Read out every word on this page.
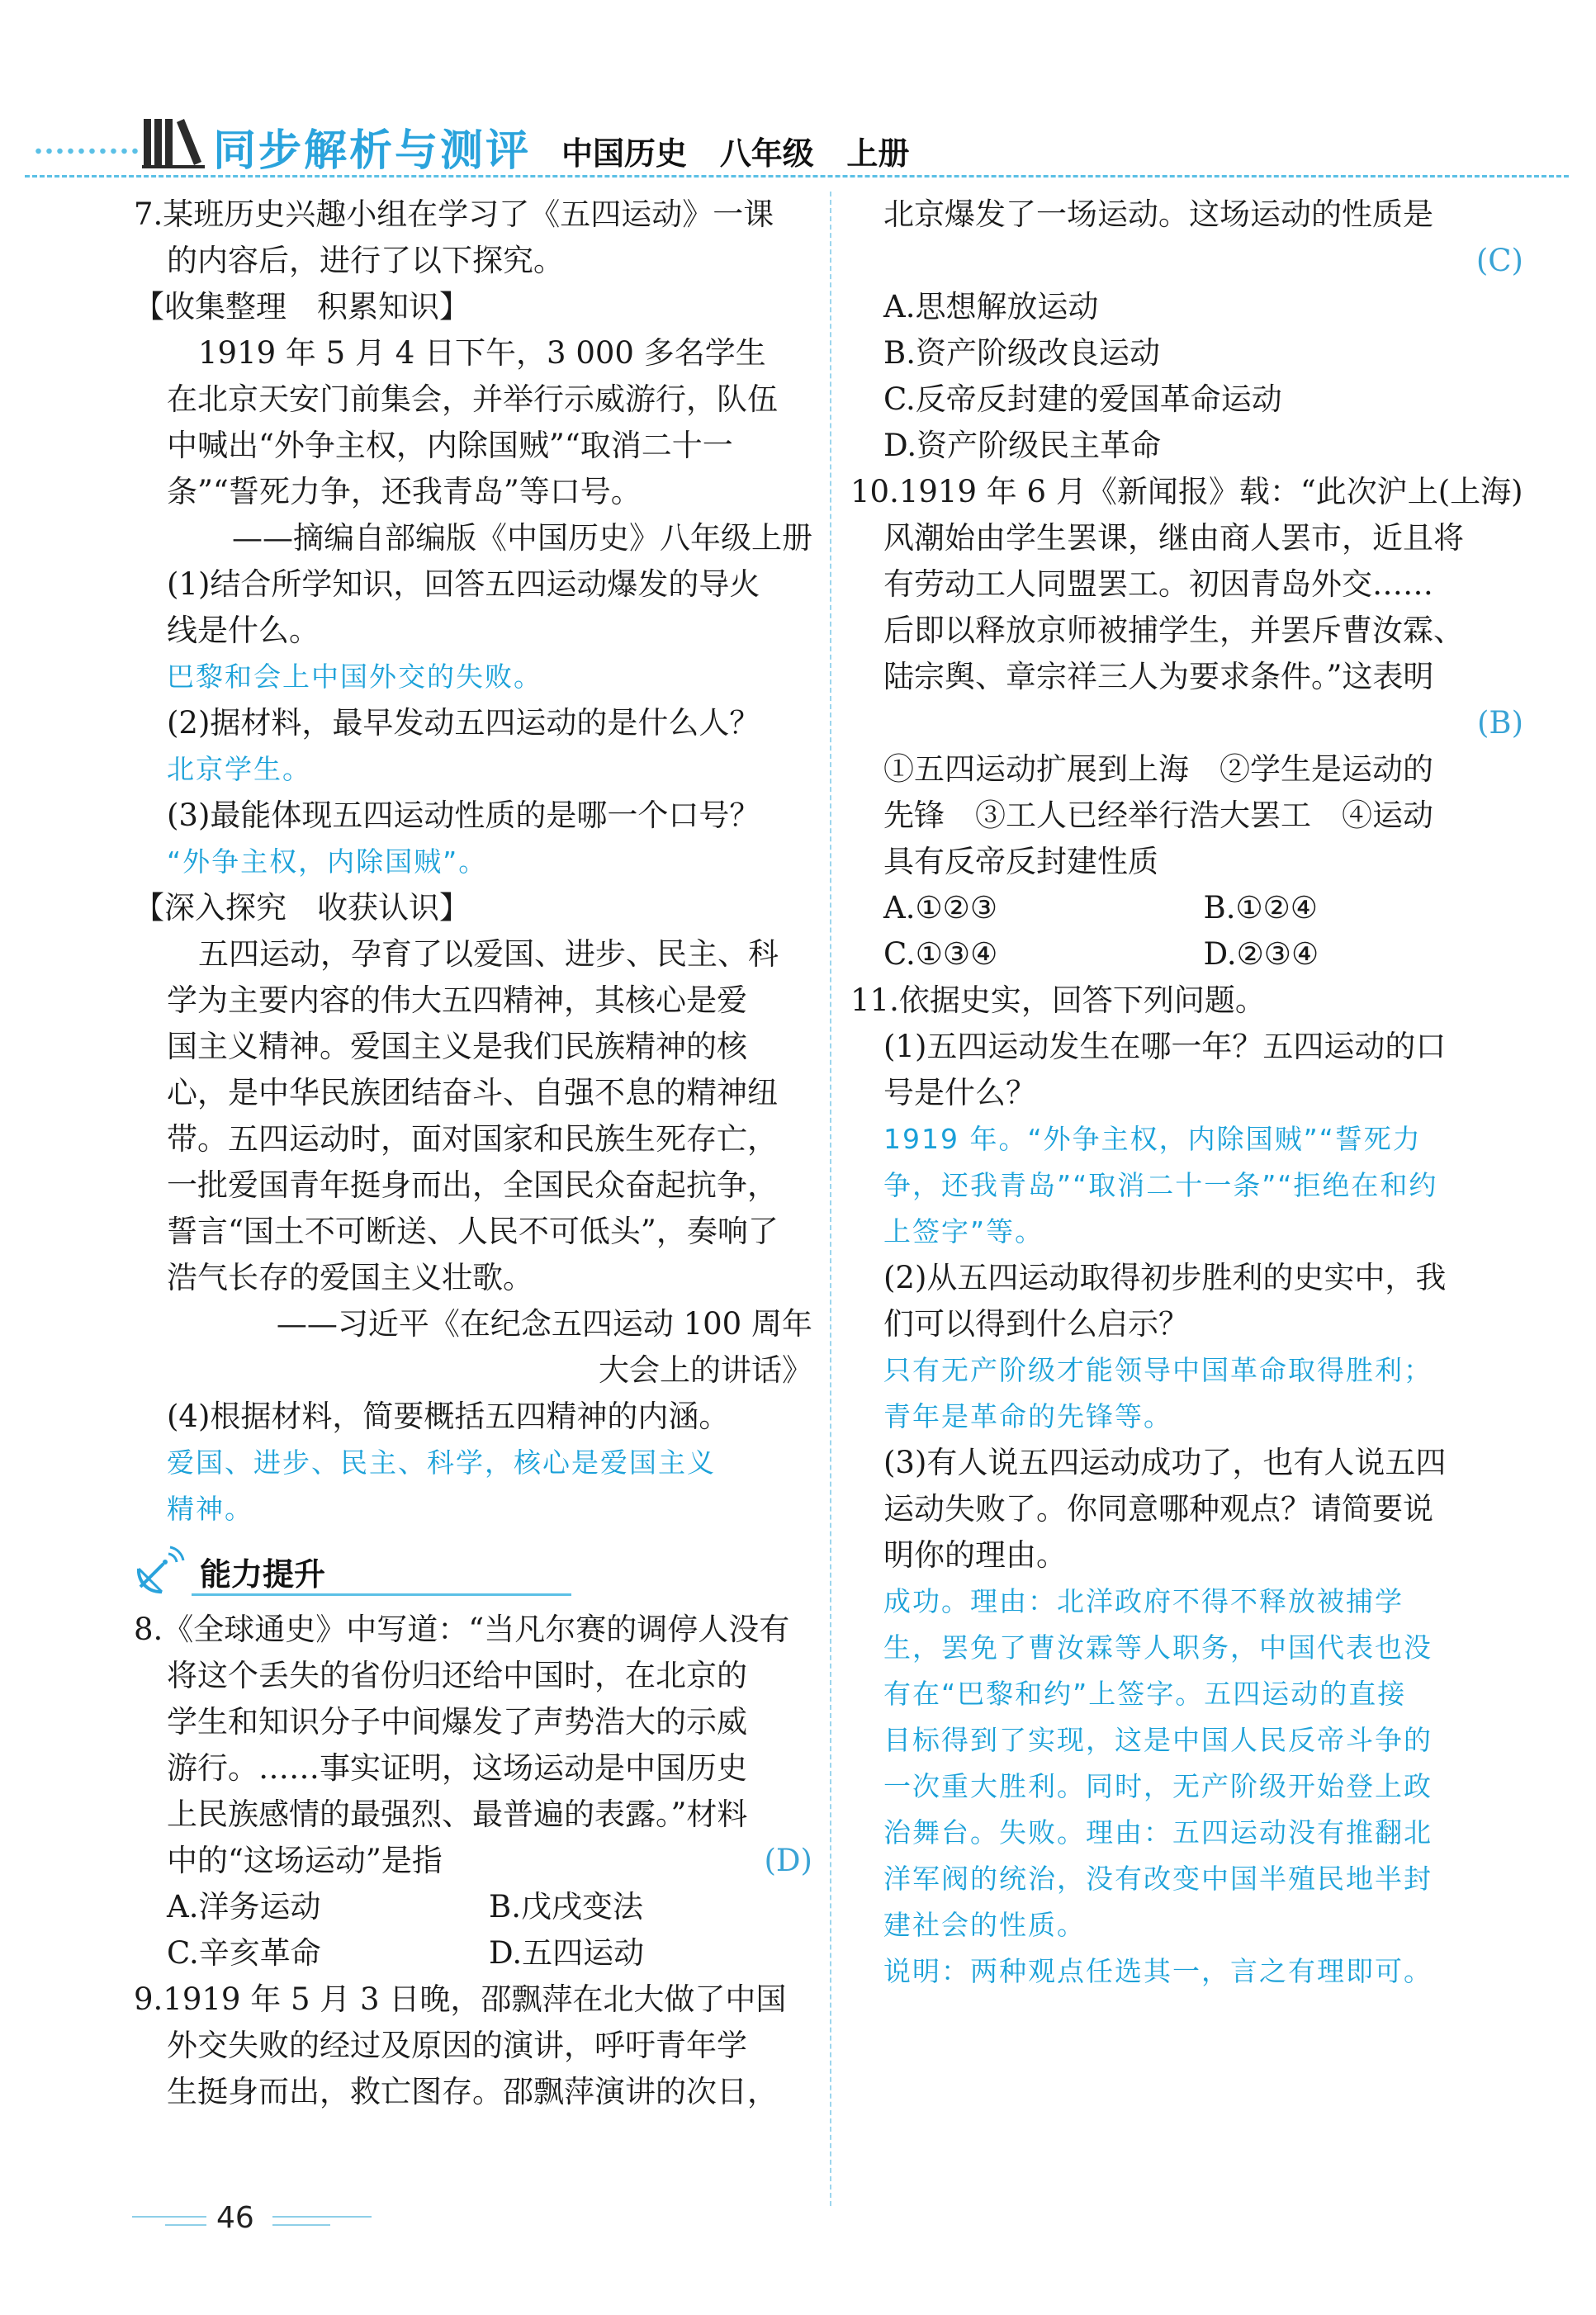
同步解析与测评 中国历史   八年级   上册
7.某班历史兴趣小组在学习了《五四运动》一课
的内容后，进行了以下探究。
【收集整理　积累知识】
1919 年 5 月 4 日下午，3 000 多名学生
在北京天安门前集会，并举行示威游行，队伍
中喊出“外争主权，内除国贼”“取消二十一
条”“誓死力争，还我青岛”等口号。
——摘编自部编版《中国历史》八年级上册
(1)结合所学知识，回答五四运动爆发的导火
线是什么。
巴黎和会上中国外交的失败。
(2)据材料，最早发动五四运动的是什么人？
北京学生。
(3)最能体现五四运动性质的是哪一个口号？
“外争主权，内除国贼”。
【深入探究　收获认识】
五四运动，孕育了以爱国、进步、民主、科
学为主要内容的伟大五四精神，其核心是爱
国主义精神。爱国主义是我们民族精神的核
心，是中华民族团结奋斗、自强不息的精神纽
带。五四运动时，面对国家和民族生死存亡，
一批爱国青年挺身而出，全国民众奋起抗争，
誓言“国土不可断送、人民不可低头”，奏响了
浩气长存的爱国主义壮歌。
——习近平《在纪念五四运动 100 周年
大会上的讲话》
(4)根据材料，简要概括五四精神的内涵。
爱国、进步、民主、科学，核心是爱国主义
精神。
能力提升
8.《全球通史》中写道：“当凡尔赛的调停人没有
将这个丢失的省份归还给中国时，在北京的
学生和知识分子中间爆发了声势浩大的示威
游行。……事实证明，这场运动是中国历史
上民族感情的最强烈、最普遍的表露。”材料
中的“这场运动”是指	(D)
A.洋务运动	B.戊戌变法
C.辛亥革命	D.五四运动
9.1919 年 5 月 3 日晚，邵飘萍在北大做了中国
外交失败的经过及原因的演讲，呼吁青年学
生挺身而出，救亡图存。邵飘萍演讲的次日，
北京爆发了一场运动。这场运动的性质是
(C)
A.思想解放运动
B.资产阶级改良运动
C.反帝反封建的爱国革命运动
D.资产阶级民主革命
10.1919 年 6 月《新闻报》载：“此次沪上(上海)
风潮始由学生罢课，继由商人罢市，近且将
有劳动工人同盟罢工。初因青岛外交……
后即以释放京师被捕学生，并罢斥曹汝霖、
陆宗舆、章宗祥三人为要求条件。”这表明
(B)
①五四运动扩展到上海　②学生是运动的
先锋　③工人已经举行浩大罢工　④运动
具有反帝反封建性质
A.①②③	B.①②④
C.①③④	D.②③④
11.依据史实，回答下列问题。
(1)五四运动发生在哪一年？五四运动的口
号是什么？
1919 年。“外争主权，内除国贼”“誓死力
争，还我青岛”“取消二十一条”“拒绝在和约
上签字”等。
(2)从五四运动取得初步胜利的史实中，我
们可以得到什么启示？
只有无产阶级才能领导中国革命取得胜利；
青年是革命的先锋等。
(3)有人说五四运动成功了，也有人说五四
运动失败了。你同意哪种观点？请简要说
明你的理由。
成功。理由：北洋政府不得不释放被捕学
生，罢免了曹汝霖等人职务，中国代表也没
有在“巴黎和约”上签字。五四运动的直接
目标得到了实现，这是中国人民反帝斗争的
一次重大胜利。同时，无产阶级开始登上政
治舞台。失败。理由：五四运动没有推翻北
洋军阀的统治，没有改变中国半殖民地半封
建社会的性质。
说明：两种观点任选其一，言之有理即可。
46
